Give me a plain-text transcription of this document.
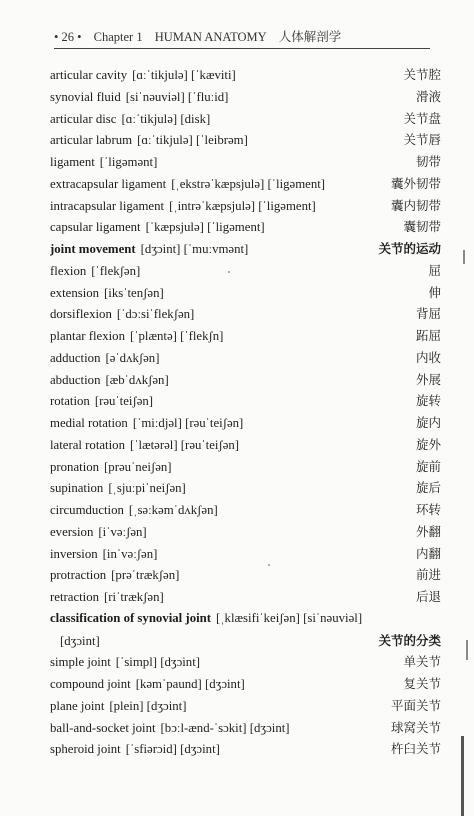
• 26 • Chapter 1 HUMAN ANATOMY 人体解剖学
articular cavity [ɑːˈtikjulə] [ˈkæviti]	关节腔
synovial fluid [siˈnəuviəl] [ˈfluːid]	滑液
articular disc [ɑːˈtikjulə] [disk]	关节盘
articular labrum [ɑːˈtikjulə] [ˈleibrəm]	关节唇
ligament [ˈligəmənt]	韧带
extracapsular ligament [ˌekstrəˈkæpsjulə] [ˈligəment]	囊外韧带
intracapsular ligament [ˌintrəˈkæpsjulə] [ˈligəment]	囊内韧带
capsular ligament [ˈkæpsjulə] [ˈligəment]	囊韧带
joint movement [dʒɔint] [ˈmuːvmənt]	关节的运动
flexion [ˈflekʃən]	屈
extension [iksˈtenʃən]	伸
dorsiflexion [ˈdɔːsiˈflekʃən]	背屈
plantar flexion [ˈplæntə] [ˈflekʃn]	跖屈
adduction [əˈdʌkʃən]	内收
abduction [æbˈdʌkʃən]	外展
rotation [rəuˈteiʃən]	旋转
medial rotation [ˈmiːdjəl] [rəuˈteiʃən]	旋内
lateral rotation [ˈlætərəl] [rəuˈteiʃən]	旋外
pronation [prəuˈneiʃən]	旋前
supination [ˌsjuːpiˈneiʃən]	旋后
circumduction [ˌsəːkəmˈdʌkʃən]	环转
eversion [iˈvəːʃən]	外翻
inversion [inˈvəːʃən]	内翻
protraction [prəˈtrækʃən]	前进
retraction [riˈtrækʃən]	后退
classification of synovial joint [ˌklæsifiˈkeiʃən] [siˈnəuviəl]
[dʒɔint]	关节的分类
simple joint [ˈsimpl] [dʒɔint]	单关节
compound joint [kəmˈpaund] [dʒɔint]	复关节
plane joint [plein] [dʒɔint]	平面关节
ball-and-socket joint [bɔːl-ænd-ˈsɔkit] [dʒɔint]	球窝关节
spheroid joint [ˈsfiərɔid] [dʒɔint]	杵臼关节
